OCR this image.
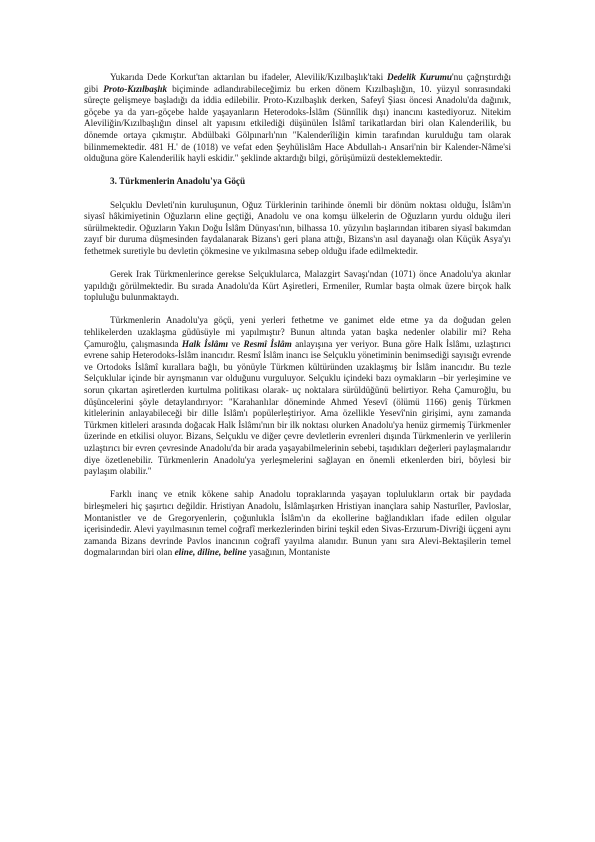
Yukarıda Dede Korkut'tan aktarılan bu ifadeler, Alevilik/Kızılbaşlık'taki Dedelik Kurumu'nu çağrıştırdığı gibi Proto-Kızılbaşlık biçiminde adlandırabileceğimiz bu erken dönem Kızılbaşlığın, 10. yüzyıl sonrasındaki süreçte gelişmeye başladığı da iddia edilebilir. Proto-Kızılbaşlık derken, Safeyî Şiası öncesi Anadolu'da dağınık, göçebe ya da yarı-göçebe halde yaşayanların Heterodoks-İslâm (Sünnîlik dışı) inancını kastediyoruz. Nitekim Aleviliğin/Kızılbaşlığın dinsel alt yapısını etkilediği düşünülen İslâmî tarikatlardan biri olan Kalenderilik, bu dönemde ortaya çıkmıştır. Abdülbaki Gölpınarlı'nın "Kalenderîliğin kimin tarafından kurulduğu tam olarak bilinmemektedir. 481 H.' de (1018) ve vefat eden Şeyhülislâm Hace Abdullah-ı Ansari'nin bir Kalender-Nâme'si olduğuna göre Kalenderilik hayli eskidir." şeklinde aktardığı bilgi, görüşümüzü desteklemektedir.

3. Türkmenlerin Anadolu'ya Göçü

Selçuklu Devleti'nin kuruluşunun, Oğuz Türklerinin tarihinde önemli bir dönüm noktası olduğu, İslâm'ın siyasî hâkimiyetinin Oğuzların eline geçtiği, Anadolu ve ona komşu ülkelerin de Oğuzların yurdu olduğu ileri sürülmektedir. Oğuzların Yakın Doğu İslâm Dünyası'nın, bilhassa 10. yüzyılın başlarından itibaren siyasî bakımdan zayıf bir duruma düşmesinden faydalanarak Bizans'ı geri plana attığı, Bizans'ın asıl dayanağı olan Küçük Asya'yı fethetmek suretiyle bu devletin çökmesine ve yıkılmasına sebep olduğu ifade edilmektedir.

Gerek Irak Türkmenlerince gerekse Selçuklularca, Malazgirt Savaşı'ndan (1071) önce Anadolu'ya akınlar yapıldığı görülmektedir. Bu sırada Anadolu'da Kürt Aşiretleri, Ermeniler, Rumlar başta olmak üzere birçok halk topluluğu bulunmaktaydı.

Türkmenlerin Anadolu'ya göçü, yeni yerleri fethetme ve ganimet elde etme ya da doğudan gelen tehlikelerden uzaklaşma güdüsüyle mi yapılmıştır? Bunun altında yatan başka nedenler olabilir mi? Reha Çamuroğlu, çalışmasında Halk İslâmı ve Resmî İslâm anlayışına yer veriyor. Buna göre Halk İslâmı, uzlaştırıcı evrene sahip Heterodoks-İslâm inancıdır. Resmî İslâm inancı ise Selçuklu yönetiminin benimsediği sayısığı evrende ve Ortodoks İslâmî kurallara bağlı, bu yönüyle Türkmen kültüründen uzaklaşmış bir İslâm inancıdır. Bu tezle Selçuklular içinde bir ayrışmanın var olduğunu vurguluyor. Selçuklu içindeki bazı oymakların –bir yerleşimine ve sorun çıkartan aşiretlerden kurtulma politikası olarak- uç noktalara sürüldüğünü belirtiyor. Reha Çamuroğlu, bu düşüncelerini şöyle detaylandırıyor: "Karahanlılar döneminde Ahmed Yesevî (ölümü 1166) geniş Türkmen kitlelerinin anlayabileceği bir dille İslâm'ı popülerleştiriyor. Ama özellikle Yesevî'nin girişimi, aynı zamanda Türkmen kitleleri arasında doğacak Halk İslâmı'nın bir ilk noktası olurken Anadolu'ya henüz girmemiş Türkmenler üzerinde en etkilisi oluyor. Bizans, Selçuklu ve diğer çevre devletlerin evrenleri dışında Türkmenlerin ve yerlilerin uzlaştırıcı bir evren çevresinde Anadolu'da bir arada yaşayabilmelerinin sebebi, taşıdıkları değerleri paylaşmalarıdır diye özetlenebilir. Türkmenlerin Anadolu'ya yerleşmelerini sağlayan en önemli etkenlerden biri, böylesi bir paylaşım olabilir."

Farklı inanç ve etnik kökene sahip Anadolu topraklarında yaşayan toplulukların ortak bir paydada birleşmeleri hiç şaşırtıcı değildir. Hristiyan Anadolu, İslâmlaşırken Hristiyan inançlara sahip Nasturîler, Pavloslar, Montanistler ve de Gregoryenlerin, çoğunlukla İslâm'ın da ekollerine bağlandıkları ifade edilen olgular içerisindedir. Alevi yayılmasının temel coğrafî merkezlerinden birini teşkil eden Sivas-Erzurum-Divriği üçgeni aynı zamanda Bizans devrinde Pavlos inancının coğrafî yayılma alanıdır. Bunun yanı sıra Alevi-Bektaşilerin temel dogmalarından biri olan eline, diline, beline yasağının, Montaniste
